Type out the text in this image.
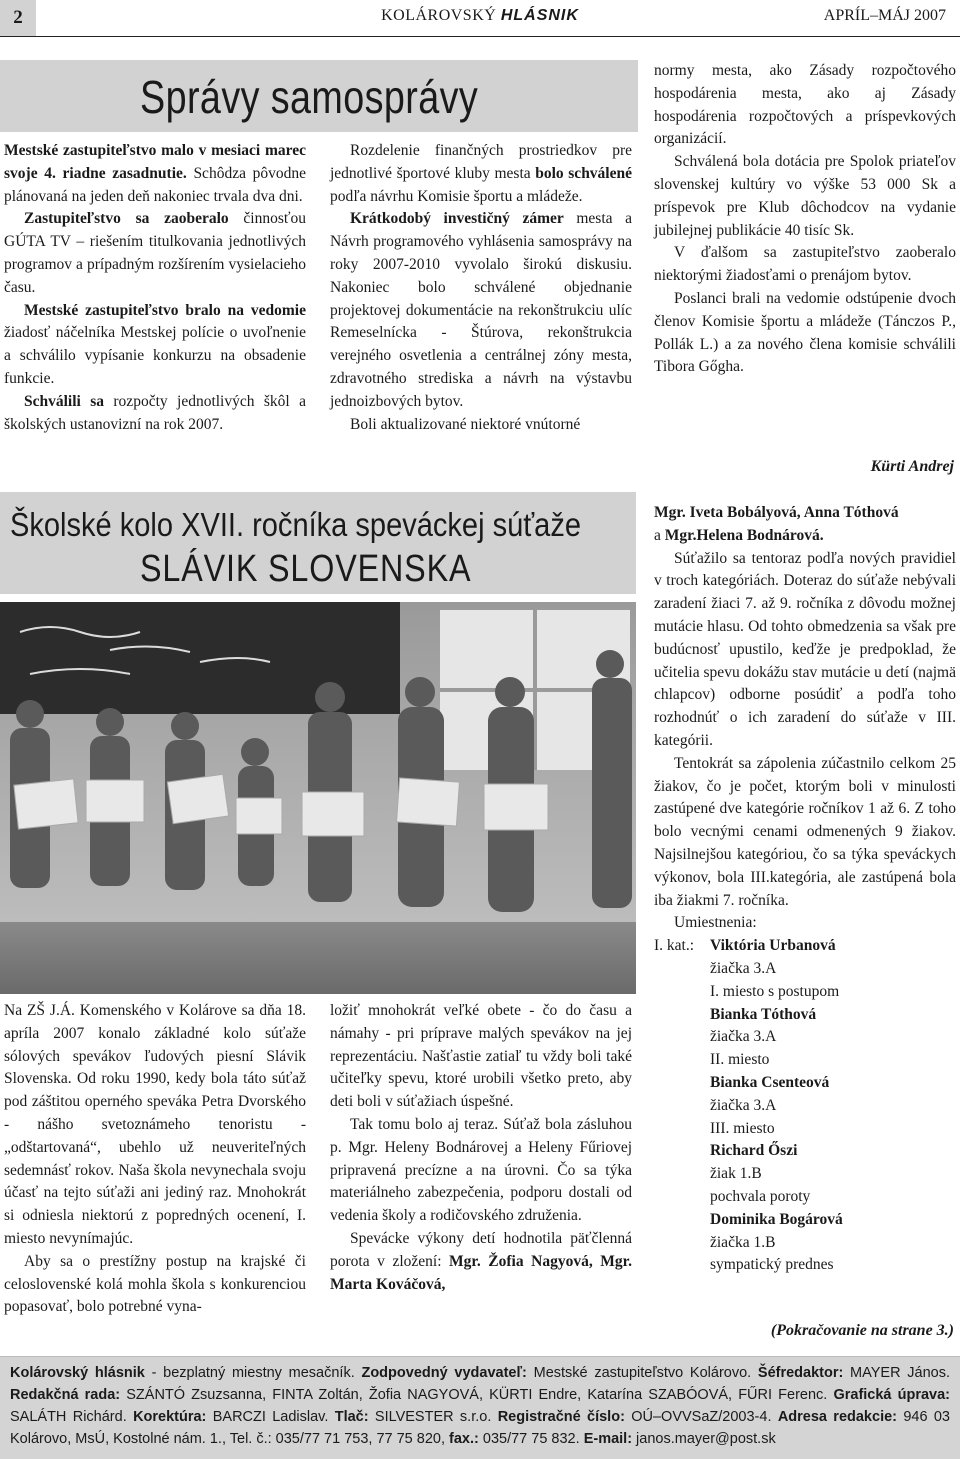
2	KOLÁROVSKÝ HLÁSNIK	APRÍL–MÁJ 2007
Správy samosprávy

Mestské zastupiteľstvo malo v mesiaci marec svoje 4. riadne zasadnutie. Schôdza pôvodne plánovaná na jeden deň nakoniec trvala dva dni.

Zastupiteľstvo sa zaoberalo činnosťou GÚTA TV – riešením titulkovania jednotlivých programov a prípadným rozšírením vysielacieho času.

Mestské zastupiteľstvo bralo na vedomie žiadosť náčelníka Mestskej polície o uvoľnenie a schválilo vypísanie konkurzu na obsadenie funkcie.

Schválili sa rozpočty jednotlivých škôl a školských ustanovizní na rok 2007.

Rozdelenie finančných prostriedkov pre jednotlivé športové kluby mesta bolo schválené podľa návrhu Komisie športu a mládeže.

Krátkodobý investičný zámer mesta a Návrh programového vyhlásenia samosprávy na roky 2007-2010 vyvolalo širokú diskusiu. Nakoniec bolo schválené objednanie projektovej dokumentácie na rekonštrukciu ulíc Remeselnícka - Štúrova, rekonštrukcia verejného osvetlenia a centrálnej zóny mesta, zdravotného strediska a návrh na výstavbu jednoizbových bytov.

Boli aktualizované niektoré vnútorné

normy mesta, ako Zásady rozpočtového hospodárenia mesta, ako aj Zásady hospodárenia rozpočtových a príspevkových organizácií.

Schválená bola dotácia pre Spolok priateľov slovenskej kultúry vo výške 53 000 Sk a príspevok pre Klub dôchodcov na vydanie jubilejnej publikácie 40 tisíc Sk.

V ďalšom sa zastupiteľstvo zaoberalo niektorými žiadosťami o prenájom bytov.

Poslanci brali na vedomie odstúpenie dvoch členov Komisie športu a mládeže (Tánczos P., Pollák L.) a za nového člena komisie schválili Tibora Gőgha.

Kürti Andrej
Školské kolo XVII. ročníka speváckej súťaže
SLÁVIK SLOVENSKA

Na ZŠ J.Á. Komenského v Kolárove sa dňa 18. apríla 2007 konalo základné kolo súťaže sólových spevákov ľudových piesní Slávik Slovenska. Od roku 1990, kedy bola táto súťaž pod záštitou operného speváka Petra Dvorského - nášho svetoznámeho tenoristu - „odštartovaná“, ubehlo už neuveriteľných sedemnásť rokov. Naša škola nevynechala svoju účasť na tejto súťaži ani jediný raz. Mnohokrát si odniesla niektorú z popredných ocenení, I. miesto nevynímajúc.

Aby sa o prestížny postup na krajské či celoslovenské kolá mohla škola s konkurenciou popasovať, bolo potrebné vyna-

ložiť mnohokrát veľké obete - čo do času a námahy - pri príprave malých spevákov na jej reprezentáciu. Našťastie zatiaľ tu vždy boli také učiteľky spevu, ktoré urobili všetko preto, aby deti boli v súťažiach úspešné.

Tak tomu bolo aj teraz. Súťaž bola zásluhou p. Mgr. Heleny Bodnárovej a Heleny Fűriovej pripravená precízne a na úrovni. Čo sa týka materiálneho zabezpečenia, podporu dostali od vedenia školy a rodičovského združenia.

Spevácke výkony detí hodnotila päťčlenná porota v zložení: Mgr. Žofia Nagyová, Mgr. Marta Kováčová,

Mgr. Iveta Bobályová, Anna Tóthová
a Mgr.Helena Bodnárová.

Súťažilo sa tentoraz podľa nových pravidiel v troch kategóriách. Doteraz do súťaže nebývali zaradení žiaci 7. až 9. ročníka z dôvodu možnej mutácie hlasu. Od tohto obmedzenia sa však pre budúcnosť upustilo, keďže je predpoklad, že učitelia spevu dokážu stav mutácie u detí (najmä chlapcov) odborne posúdiť a podľa toho rozhodnúť o ich zaradení do súťaže v III. kategórii.

Tentokrát sa zápolenia zúčastnilo celkom 25 žiakov, čo je počet, ktorým boli v minulosti zastúpené dve kategórie ročníkov 1 až 6. Z toho bolo vecnými cenami odmenených 9 žiakov. Najsilnejšou kategóriou, čo sa týka speváckych výkonov, bola III.kategória, ale zastúpená bola iba žiakmi 7. ročníka.

Umiestnenia:

I. kat.: Viktória Urbanová
žiačka 3.A
I. miesto s postupom
Bianka Tóthová
žiačka 3.A
II. miesto
Bianka Csenteová
žiačka 3.A
III. miesto
Richard Őszi
žiak 1.B
pochvala poroty
Dominika Bogárová
žiačka 1.B
sympatický prednes
(Pokračovanie na strane 3.)
Kolárovský hlásnik - bezplatný miestny mesačník. Zodpovedný vydavateľ: Mestské zastupiteľstvo Kolárovo. Šéfredaktor: MAYER János. Redakčná rada: SZÁNTÓ Zsuzsanna, FINTA Zoltán, Žofia NAGYOVÁ, KÜRTI Endre, Katarína SZABÓOVÁ, FŰRI Ferenc. Grafická úprava: SALÁTH Richárd. Korektúra: BARCZI Ladislav. Tlač: SILVESTER s.r.o. Registračné číslo: OÚ–OVVSaZ/2003-4. Adresa redakcie: 946 03 Kolárovo, MsÚ, Kostolné nám. 1., Tel. č.: 035/77 71 753, 77 75 820, fax.: 035/77 75 832. E-mail: janos.mayer@post.sk
